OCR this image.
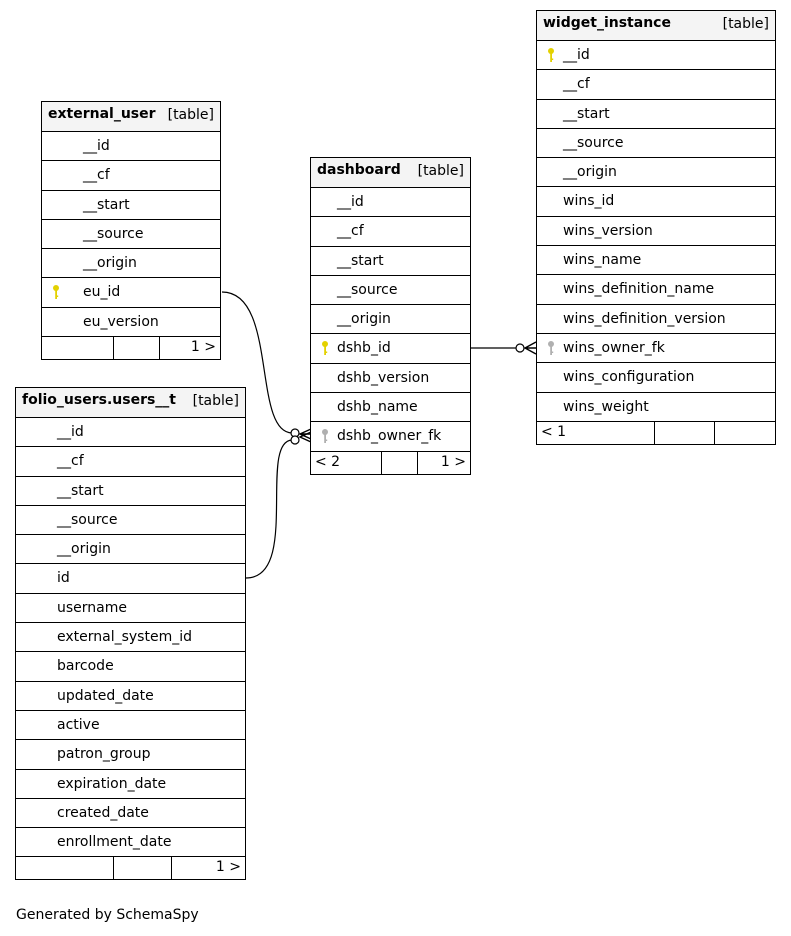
external_user [table]
__id
__cf
__start
__source
__origin
eu_id
eu_version
1 >
dashboard [table]
__id
__cf
__start
__source
__origin
dshb_id
dshb_version
dshb_name
dshb_owner_fk
< 2	1 >
widget_instance	[table]
__id
__cf
__start
__source
__origin
wins_id
wins_version
wins_name
wins_definition_name
wins_definition_version
wins_owner_fk
wins_configuration
wins_weight
< 1
folio_users.users__t [table]
__id
__cf
__start
__source
__origin
id
username
external_system_id
barcode
updated_date
active
patron_group
expiration_date
created_date
enrollment_date
1 >
Generated by SchemaSpy
